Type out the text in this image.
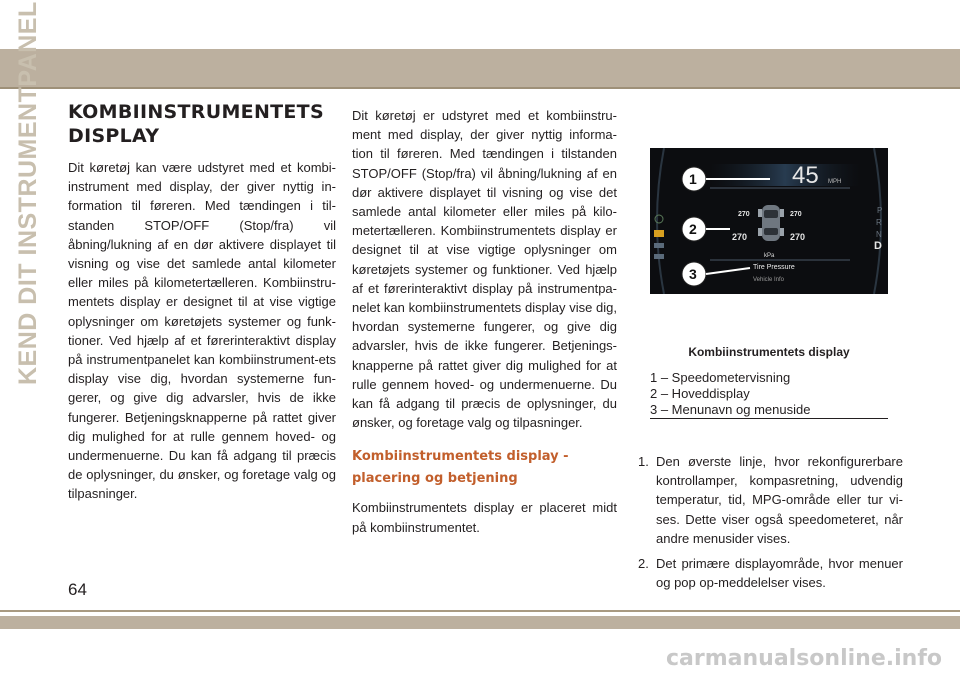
KEND DIT INSTRUMENTPANEL KOMBIINSTRUMENTETS
DISPLAY

Dit køretøj kan være udstyret med et kombi-instrument med display, der giver nyttig in-formation til føreren. Med tændingen i til-standen STOP/OFF (Stop/fra) vil åbning/lukning af en dør aktivere displayet til visning og vise det samlede antal kilometer eller miles på kilometertælleren. Kombiinstru-mentets display er designet til at vise vigtige oplysninger om køretøjets systemer og funk-tioner. Ved hjælp af et førerinteraktivt display på instrumentpanelet kan kombiinstrument-ets display vise dig, hvordan systemerne fun-gerer, og give dig advarsler, hvis de ikke fungerer. Betjeningsknapperne på rattet giver dig mulighed for at rulle gennem hoved- og undermenuerne. Du kan få adgang til præcis de oplysninger, du ønsker, og foretage valg og tilpasninger.

Dit køretøj er udstyret med et kombiinstru-ment med display, der giver nyttig informa-tion til føreren. Med tændingen i tilstanden STOP/OFF (Stop/fra) vil åbning/lukning af en dør aktivere displayet til visning og vise det samlede antal kilometer eller miles på kilo-metertælleren. Kombiinstrumentets display er designet til at vise vigtige oplysninger om køretøjets systemer og funktioner. Ved hjælp af et førerinteraktivt display på instrumentpa-nelet kan kombiinstrumentets display vise dig, hvordan systemerne fungerer, og give dig advarsler, hvis de ikke fungerer. Betjenings-knapperne på rattet giver dig mulighed for at rulle gennem hoved- og undermenuerne. Du kan få adgang til præcis de oplysninger, du ønsker, og foretage valg og tilpasninger.

Kombiinstrumentets display - placering og betjening

Kombiinstrumentets display er placeret midt på kombiinstrumentet.

45 MPH
270	270
270	270
kPa
Tire Pressure
Vehicle Info
P
R
N
D
1
2
3
Kombiinstrumentets display
1 – Speedometervisning
2 – Hoveddisplay
3 – Menunavn og menuside
1. Den øverste linje, hvor rekonfigurerbare kontrollamper, kompasretning, udvendig temperatur, tid, MPG-område eller tur vi-ses. Dette viser også speedometeret, når andre menusider vises.
2. Det primære displayområde, hvor menuer og pop op-meddelelser vises.
64
carmanualsonline.info
